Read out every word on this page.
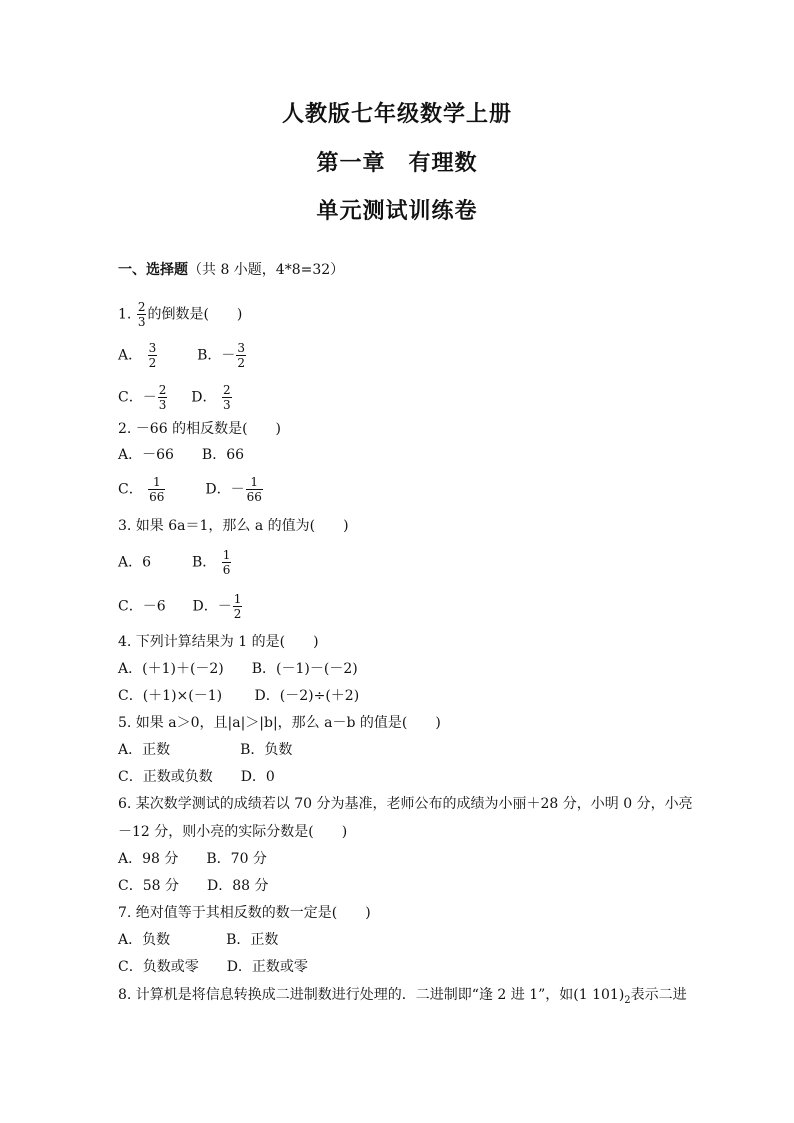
人教版七年级数学上册
第一章　有理数
单元测试训练卷
一、选择题（共 8 小题，4*8=32）
1. $\frac{2}{3}$ 的倒数是(　　)
A． $\frac{3}{2}$	B．－ $\frac{3}{2}$
C．－ $\frac{2}{3}$ D． $\frac{2}{3}$
2. －66 的相反数是(　　)
A．－66　　B．66
C． $\frac{1}{66}$	D．－ $\frac{1}{66}$
3. 如果 6a＝1，那么 a 的值为(　　)
A．6	B． $\frac{1}{6}$
C．－6 D．－ $\frac{1}{2}$
4. 下列计算结果为 1 的是(　　)
A．(＋1)＋(－2)　　B．(－1)－(－2)
C．(＋1)×(－1)　　 D．(－2)÷(＋2)
5. 如果 a＞0，且|a|＞|b|，那么 a－b 的值是(　　)
A．正数　　　　　B．负数
C．正数或负数　　D．0
6. 某次数学测试的成绩若以 70 分为基准，老师公布的成绩为小丽＋28 分，小明 0 分，小亮
－12 分，则小亮的实际分数是(　　)
A．98 分　　B．70 分
C．58 分　　D．88 分
7. 绝对值等于其相反数的数一定是(　　)
A．负数　　　　B．正数
C．负数或零　　D．正数或零
8. 计算机是将信息转换成二进制数进行处理的．二进制即“逢 2 进 1”，如(1 $101)_2$表示二进
